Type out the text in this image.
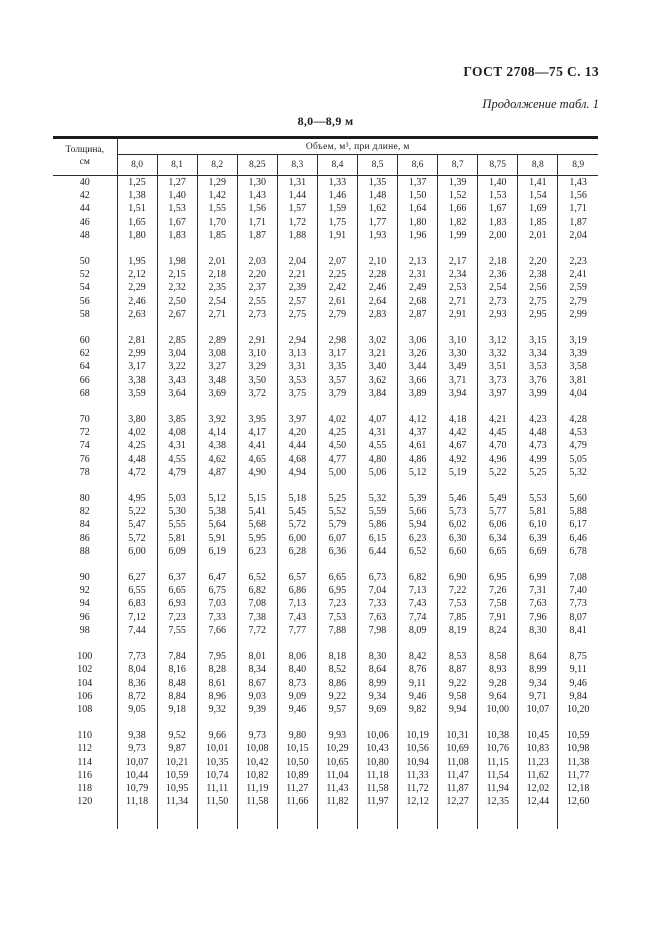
ГОСТ 2708—75 С. 13
Продолжение табл. 1
8,0—8,9 м
Толщина,
см	Объем, м³, при длине, м											
	8,0	8,1	8,2	8,25	8,3	8,4	8,5	8,6	8,7	8,75	8,8	8,9
40	1,25	1,27	1,29	1,30	1,31	1,33	1,35	1,37	1,39	1,40	1,41	1,43
42	1,38	1,40	1,42	1,43	1,44	1,46	1,48	1,50	1,52	1,53	1,54	1,56
44	1,51	1,53	1,55	1,56	1,57	1,59	1,62	1,64	1,66	1,67	1,69	1,71
46	1,65	1,67	1,70	1,71	1,72	1,75	1,77	1,80	1,82	1,83	1,85	1,87
48	1,80	1,83	1,85	1,87	1,88	1,91	1,93	1,96	1,99	2,00	2,01	2,04

50	1,95	1,98	2,01	2,03	2,04	2,07	2,10	2,13	2,17	2,18	2,20	2,23
52	2,12	2,15	2,18	2,20	2,21	2,25	2,28	2,31	2,34	2,36	2,38	2,41
54	2,29	2,32	2,35	2,37	2,39	2,42	2,46	2,49	2,53	2,54	2,56	2,59
56	2,46	2,50	2,54	2,55	2,57	2,61	2,64	2,68	2,71	2,73	2,75	2,79
58	2,63	2,67	2,71	2,73	2,75	2,79	2,83	2,87	2,91	2,93	2,95	2,99

60	2,81	2,85	2,89	2,91	2,94	2,98	3,02	3,06	3,10	3,12	3,15	3,19
62	2,99	3,04	3,08	3,10	3,13	3,17	3,21	3,26	3,30	3,32	3,34	3,39
64	3,17	3,22	3,27	3,29	3,31	3,35	3,40	3,44	3,49	3,51	3,53	3,58
66	3,38	3,43	3,48	3,50	3,53	3,57	3,62	3,66	3,71	3,73	3,76	3,81
68	3,59	3,64	3,69	3,72	3,75	3,79	3,84	3,89	3,94	3,97	3,99	4,04

70	3,80	3,85	3,92	3,95	3,97	4,02	4,07	4,12	4,18	4,21	4,23	4,28
72	4,02	4,08	4,14	4,17	4,20	4,25	4,31	4,37	4,42	4,45	4,48	4,53
74	4,25	4,31	4,38	4,41	4,44	4,50	4,55	4,61	4,67	4,70	4,73	4,79
76	4,48	4,55	4,62	4,65	4,68	4,77	4,80	4,86	4,92	4,96	4,99	5,05
78	4,72	4,79	4,87	4,90	4,94	5,00	5,06	5,12	5,19	5,22	5,25	5,32

80	4,95	5,03	5,12	5,15	5,18	5,25	5,32	5,39	5,46	5,49	5,53	5,60
82	5,22	5,30	5,38	5,41	5,45	5,52	5,59	5,66	5,73	5,77	5,81	5,88
84	5,47	5,55	5,64	5,68	5,72	5,79	5,86	5,94	6,02	6,06	6,10	6,17
86	5,72	5,81	5,91	5,95	6,00	6,07	6,15	6,23	6,30	6,34	6,39	6,46
88	6,00	6,09	6,19	6,23	6,28	6,36	6,44	6,52	6,60	6,65	6,69	6,78

90	6,27	6,37	6,47	6,52	6,57	6,65	6,73	6,82	6,90	6,95	6,99	7,08
92	6,55	6,65	6,75	6,82	6,86	6,95	7,04	7,13	7,22	7,26	7,31	7,40
94	6,83	6,93	7,03	7,08	7,13	7,23	7,33	7,43	7,53	7,58	7,63	7,73
96	7,12	7,23	7,33	7,38	7,43	7,53	7,63	7,74	7,85	7,91	7,96	8,07
98	7,44	7,55	7,66	7,72	7,77	7,88	7,98	8,09	8,19	8,24	8,30	8,41

100	7,73	7,84	7,95	8,01	8,06	8,18	8,30	8,42	8,53	8,58	8,64	8,75
102	8,04	8,16	8,28	8,34	8,40	8,52	8,64	8,76	8,87	8,93	8,99	9,11
104	8,36	8,48	8,61	8,67	8,73	8,86	8,99	9,11	9,22	9,28	9,34	9,46
106	8,72	8,84	8,96	9,03	9,09	9,22	9,34	9,46	9,58	9,64	9,71	9,84
108	9,05	9,18	9,32	9,39	9,46	9,57	9,69	9,82	9,94	10,00	10,07	10,20

110	9,38	9,52	9,66	9,73	9,80	9,93	10,06	10,19	10,31	10,38	10,45	10,59
112	9,73	9,87	10,01	10,08	10,15	10,29	10,43	10,56	10,69	10,76	10,83	10,98
114	10,07	10,21	10,35	10,42	10,50	10,65	10,80	10,94	11,08	11,15	11,23	11,38
116	10,44	10,59	10,74	10,82	10,89	11,04	11,18	11,33	11,47	11,54	11,62	11,77
118	10,79	10,95	11,11	11,19	11,27	11,43	11,58	11,72	11,87	11,94	12,02	12,18
120	11,18	11,34	11,50	11,58	11,66	11,82	11,97	12,12	12,27	12,35	12,44	12,60
